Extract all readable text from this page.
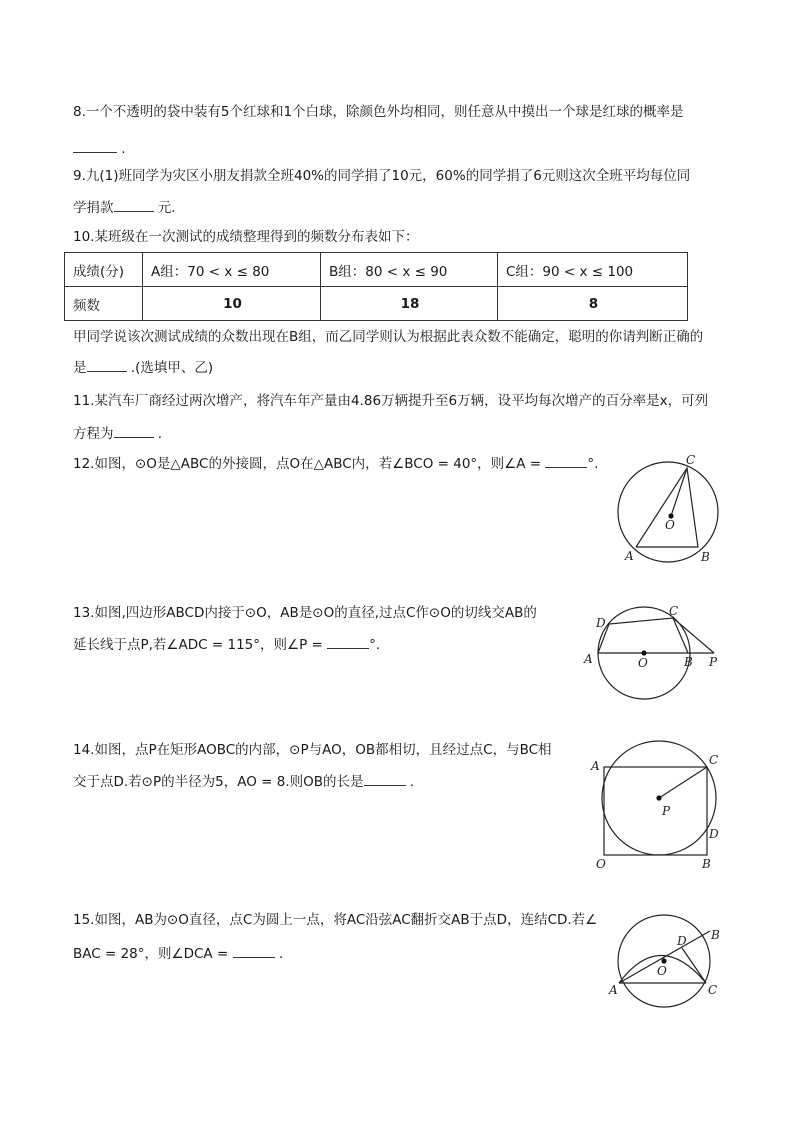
8.一个不透明的袋中装有5个红球和1个白球，除颜色外均相同，则任意从中摸出一个球是红球的概率是
.
9.九(1)班同学为灾区小朋友捐款全班40%的同学捐了10元，60%的同学捐了6元则这次全班平均每位同
学捐款	元.
10.某班级在一次测试的成绩整理得到的频数分布表如下：
成绩(分)	A组：70 < x ≤ 80	B组：80 < x ≤ 90	C组：90 < x ≤ 100
频数	10	18	8
甲同学说该次测试成绩的众数出现在B组，而乙同学则认为根据此表众数不能确定，聪明的你请判断正确的
是	.(选填甲、乙)
11.某汽车厂商经过两次增产，将汽车年产量由4.86万辆提升至6万辆，设平均每次增产的百分率是x，可列
方程为	.
12.如图，⊙O是△ABC的外接圆，点O在△ABC内，若∠BCO = 40°，则∠A =	°.
A	B
C
O
13.如图,四边形ABCD内接于⊙O，AB是⊙O的直径,过点C作⊙O的切线交AB的
延长线于点P,若∠ADC = 115°，则∠P =	°.
A	B
C
D
O	P
14.如图，点P在矩形AOBC的内部，⊙P与AO，OB都相切，且经过点C，与BC相
交于点D.若⊙P的半径为5，AO = 8.则OB的长是	.
A
B
C
D
O
P
15.如图，AB为⊙O直径，点C为圆上一点，将AC沿弦AC翻折交AB于点D，连结CD.若∠
BAC = 28°，则∠DCA =	.
A
B
C
D
O
